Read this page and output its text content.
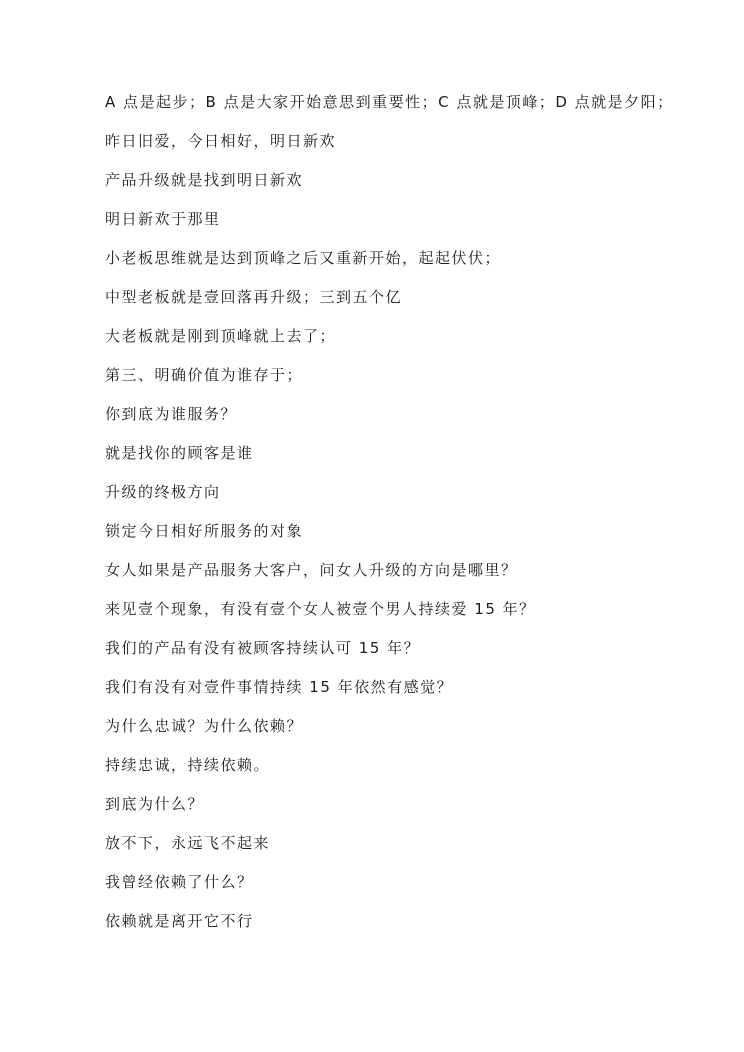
A 点是起步；B 点是大家开始意思到重要性；C 点就是顶峰；D 点就是夕阳；

昨日旧爱，今日相好，明日新欢

产品升级就是找到明日新欢

明日新欢于那里

小老板思维就是达到顶峰之后又重新开始，起起伏伏；

中型老板就是壹回落再升级；三到五个亿

大老板就是刚到顶峰就上去了；

第三、明确价值为谁存于；

你到底为谁服务？

就是找你的顾客是谁

升级的终极方向

锁定今日相好所服务的对象

女人如果是产品服务大客户，问女人升级的方向是哪里？

来见壹个现象，有没有壹个女人被壹个男人持续爱 15 年？

我们的产品有没有被顾客持续认可 15 年？

我们有没有对壹件事情持续 15 年依然有感觉？

为什么忠诚？为什么依赖？

持续忠诚，持续依赖。

到底为什么？

放不下，永远飞不起来

我曾经依赖了什么？

依赖就是离开它不行
